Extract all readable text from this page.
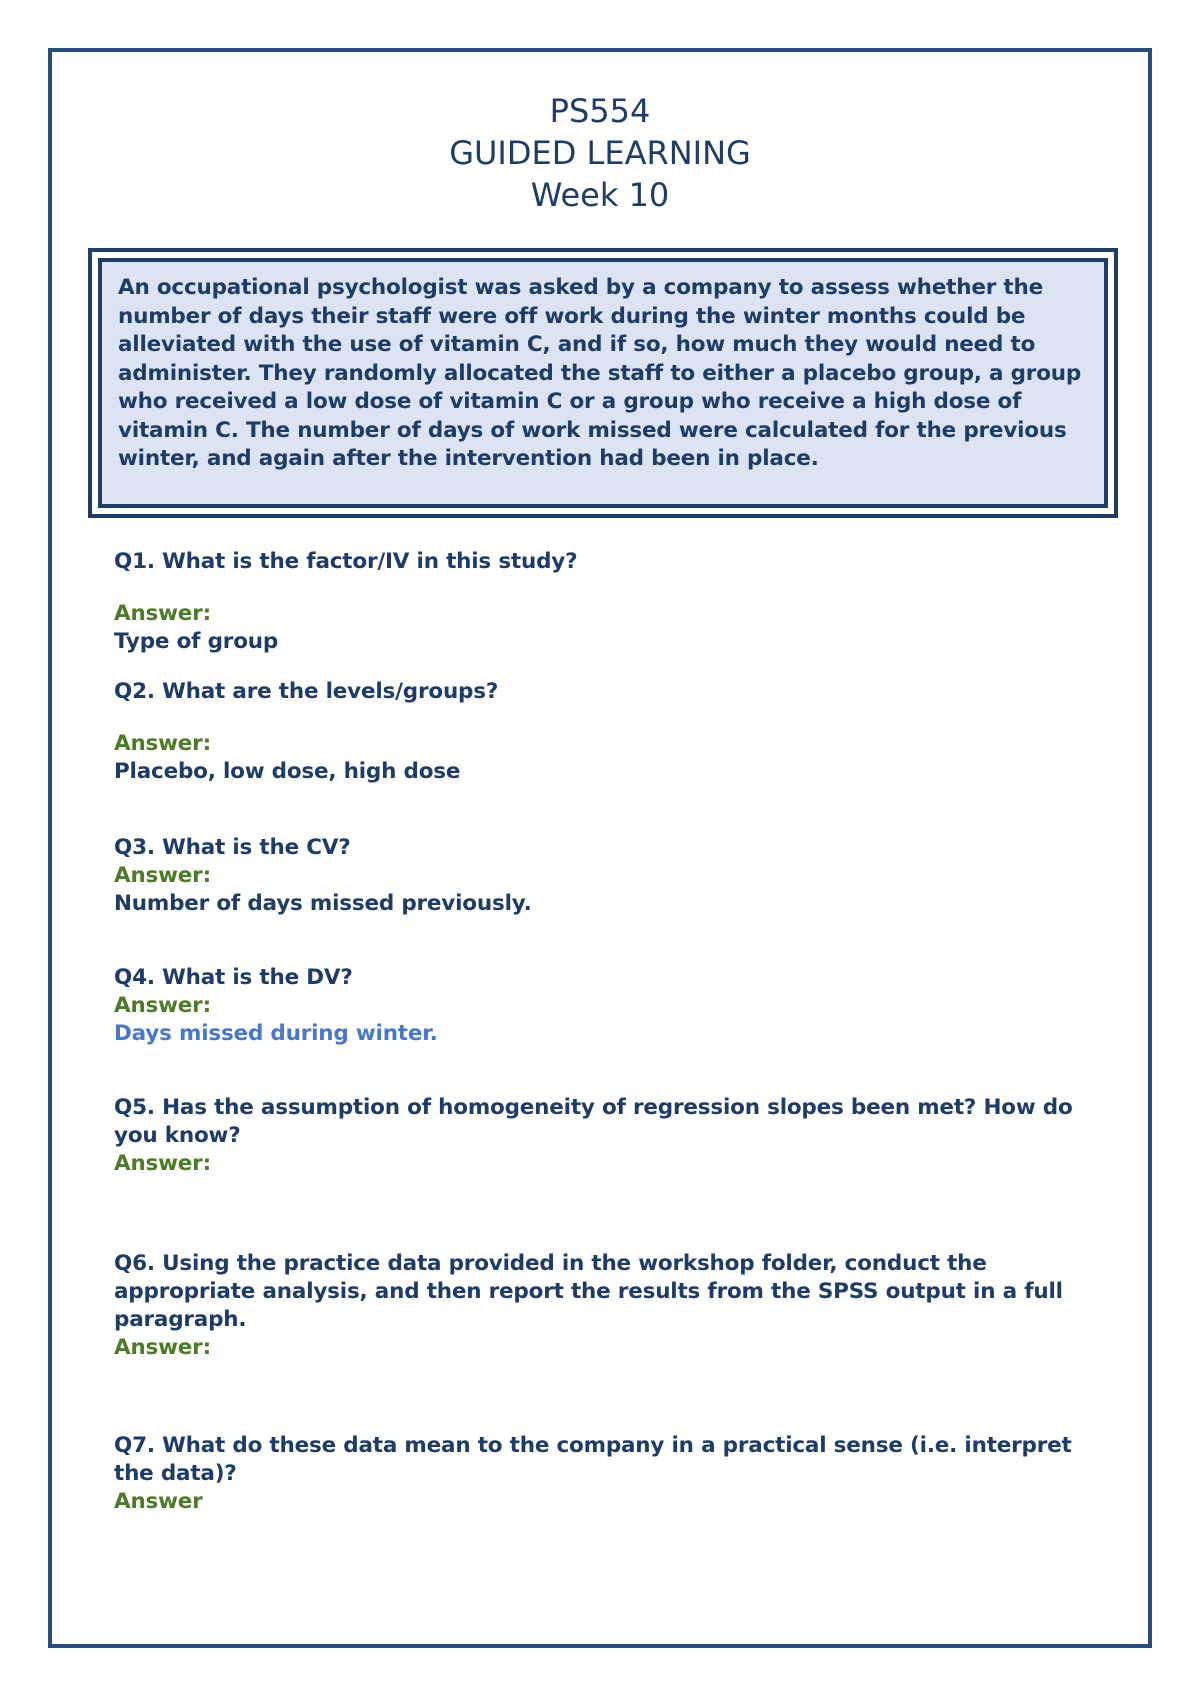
PS554
GUIDED LEARNING
Week 10

An occupational psychologist was asked by a company to assess whether the number of days their staff were off work during the winter months could be alleviated with the use of vitamin C, and if so, how much they would need to administer. They randomly allocated the staff to either a placebo group, a group who received a low dose of vitamin C or a group who receive a high dose of vitamin C. The number of days of work missed were calculated for the previous winter, and again after the intervention had been in place.

Q1. What is the factor/IV in this study?
Answer:
Type of group
Q2. What are the levels/groups?
Answer:
Placebo, low dose, high dose
Q3. What is the CV?
Answer:
Number of days missed previously.
Q4. What is the DV?
Answer:
Days missed during winter.
Q5. Has the assumption of homogeneity of regression slopes been met? How do you know?
Answer:
Q6. Using the practice data provided in the workshop folder, conduct the appropriate analysis, and then report the results from the SPSS output in a full paragraph.
Answer:
Q7. What do these data mean to the company in a practical sense (i.e. interpret the data)?
Answer
